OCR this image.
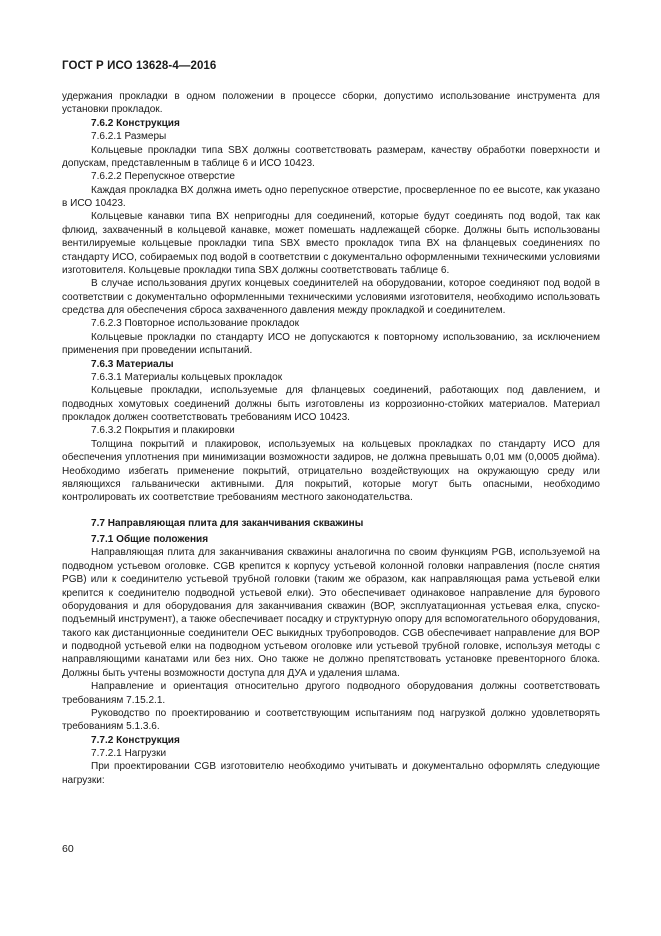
ГОСТ Р ИСО 13628-4—2016

удержания прокладки в одном положении в процессе сборки, допустимо использование инструмента для установки прокладок.

7.6.2 Конструкция

7.6.2.1 Размеры

Кольцевые прокладки типа SBX должны соответствовать размерам, качеству обработки поверхности и допускам, представленным в таблице 6 и ИСО 10423.

7.6.2.2 Перепускное отверстие

Каждая прокладка ВХ должна иметь одно перепускное отверстие, просверленное по ее высоте, как указано в ИСО 10423.

Кольцевые канавки типа ВХ непригодны для соединений, которые будут соединять под водой, так как флюид, захваченный в кольцевой канавке, может помешать надлежащей сборке. Должны быть использованы вентилируемые кольцевые прокладки типа SBX вместо прокладок типа ВХ на фланцевых соединениях по стандарту ИСО, собираемых под водой в соответствии с документально оформленными техническими условиями изготовителя. Кольцевые прокладки типа SBX должны соответствовать таблице 6.

В случае использования других концевых соединителей на оборудовании, которое соединяют под водой в соответствии с документально оформленными техническими условиями изготовителя, необходимо использовать средства для обеспечения сброса захваченного давления между прокладкой и соединителем.

7.6.2.3 Повторное использование прокладок

Кольцевые прокладки по стандарту ИСО не допускаются к повторному использованию, за исключением применения при проведении испытаний.

7.6.3 Материалы

7.6.3.1 Материалы кольцевых прокладок

Кольцевые прокладки, используемые для фланцевых соединений, работающих под давлением, и подводных хомутовых соединений должны быть изготовлены из коррозионно-стойких материалов. Материал прокладок должен соответствовать требованиям ИСО 10423.

7.6.3.2 Покрытия и плакировки

Толщина покрытий и плакировок, используемых на кольцевых прокладках по стандарту ИСО для обеспечения уплотнения при минимизации возможности задиров, не должна превышать 0,01 мм (0,0005 дюйма). Необходимо избегать применение покрытий, отрицательно воздействующих на окружающую среду или являющихся гальванически активными. Для покрытий, которые могут быть опасными, необходимо контролировать их соответствие требованиям местного законодательства.

7.7 Направляющая плита для заканчивания скважины

7.7.1 Общие положения

Направляющая плита для заканчивания скважины аналогична по своим функциям PGB, используемой на подводном устьевом оголовке. CGB крепится к корпусу устьевой колонной головки направления (после снятия PGB) или к соединителю устьевой трубной головки (таким же образом, как направляющая рама устьевой елки крепится к соединителю подводной устьевой елки). Это обеспечивает одинаковое направление для бурового оборудования и для оборудования для заканчивания скважин (ВОР, эксплуатационная устьевая елка, спуско-подъемный инструмент), а также обеспечивает посадку и структурную опору для вспомогательного оборудования, такого как дистанционные соединители ОЕС выкидных трубопроводов. CGB обеспечивает направление для ВОР и подводной устьевой елки на подводном устьевом оголовке или устьевой трубной головке, используя методы с направляющими канатами или без них. Оно также не должно препятствовать установке превенторного блока. Должны быть учтены возможности доступа для ДУА и удаления шлама.

Направление и ориентация относительно другого подводного оборудования должны соответствовать требованиям 7.15.2.1.

Руководство по проектированию и соответствующим испытаниям под нагрузкой должно удовлетворять требованиям 5.1.3.6.

7.7.2 Конструкция

7.7.2.1 Нагрузки

При проектировании CGB изготовителю необходимо учитывать и документально оформлять следующие нагрузки:

60
